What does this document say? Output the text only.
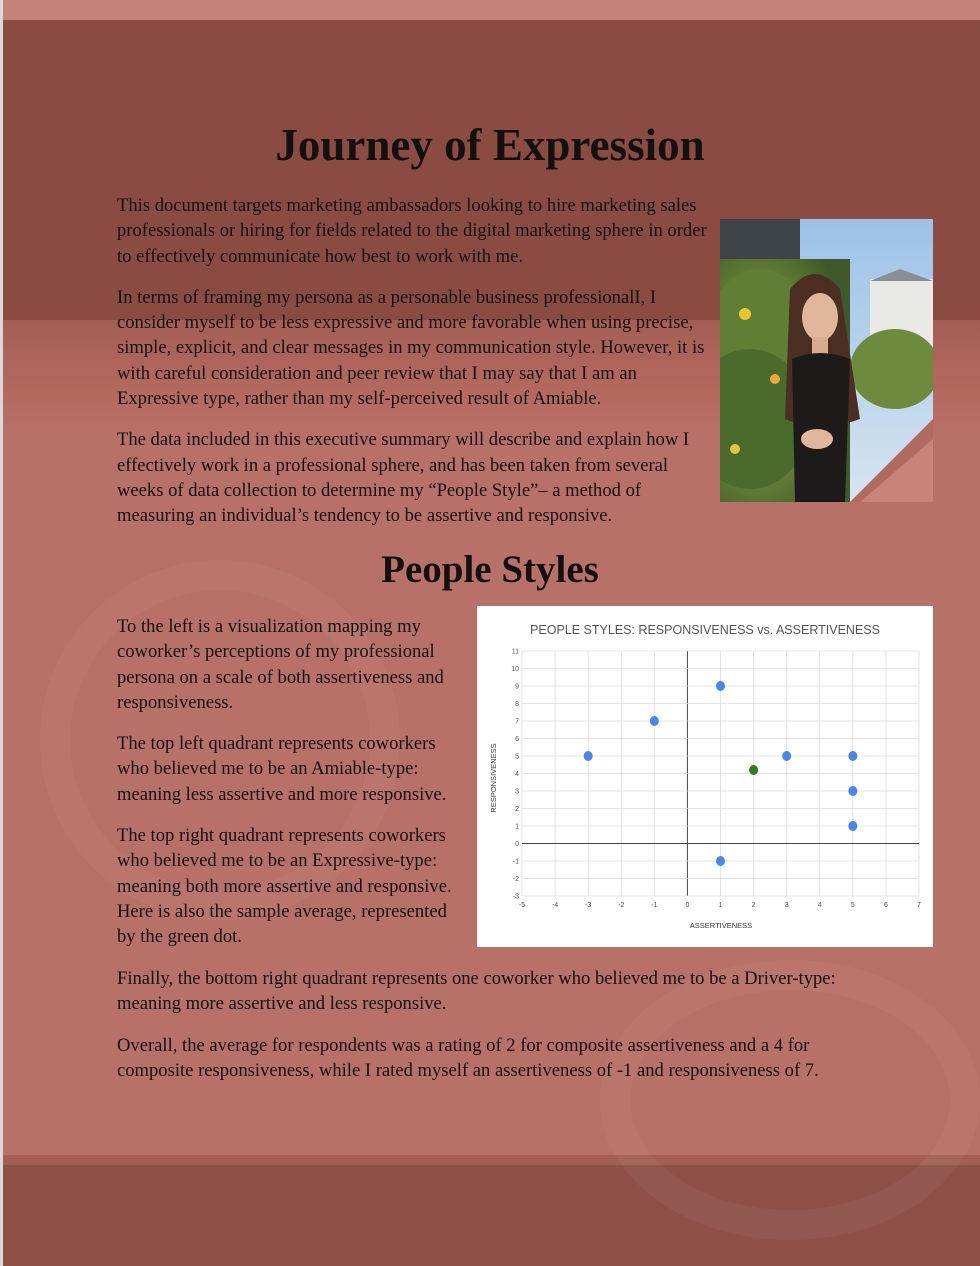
Journey of Expression

This document targets marketing ambassadors looking to hire marketing sales professionals or hiring for fields related to the digital marketing sphere in order to effectively communicate how best to work with me.

In terms of framing my persona as a personable business professionalI, I consider myself to be less expressive and more favorable when using precise, simple, explicit, and clear messages in my communication style. However, it is with careful consideration and peer review that I may say that I am an Expressive type, rather than my self-perceived result of Amiable.

The data included in this executive summary will describe and explain how I effectively work in a professional sphere, and has been taken from several weeks of data collection to determine my “People Style”– a method of measuring an individual’s tendency to be assertive and responsive.

People Styles

To the left is a visualization mapping my coworker’s perceptions of my professional persona on a scale of both assertiveness and responsiveness.

The top left quadrant represents coworkers who believed me to be an Amiable-type: meaning less assertive and more responsive.

The top right quadrant represents coworkers who believed me to be an Expressive-type: meaning both more assertive and responsive. Here is also the sample average, represented by the green dot.

Finally, the bottom right quadrant represents one coworker who believed me to be a Driver-type: meaning more assertive and less responsive.

Overall, the average for respondents was a rating of 2 for composite assertiveness and a 4 for composite responsiveness, while I rated myself an assertiveness of -1 and responsiveness of 7.

PEOPLE STYLES: RESPONSIVENESS vs. ASSERTIVENESS
-5	-4	-3	-2	-1	0	1	2	3	4	5	6	7
-3
-2
-1
0
1
2
3
4
5
6
7
8
9
10
11
ASSERTIVENESS
RESPONSIVENESS
